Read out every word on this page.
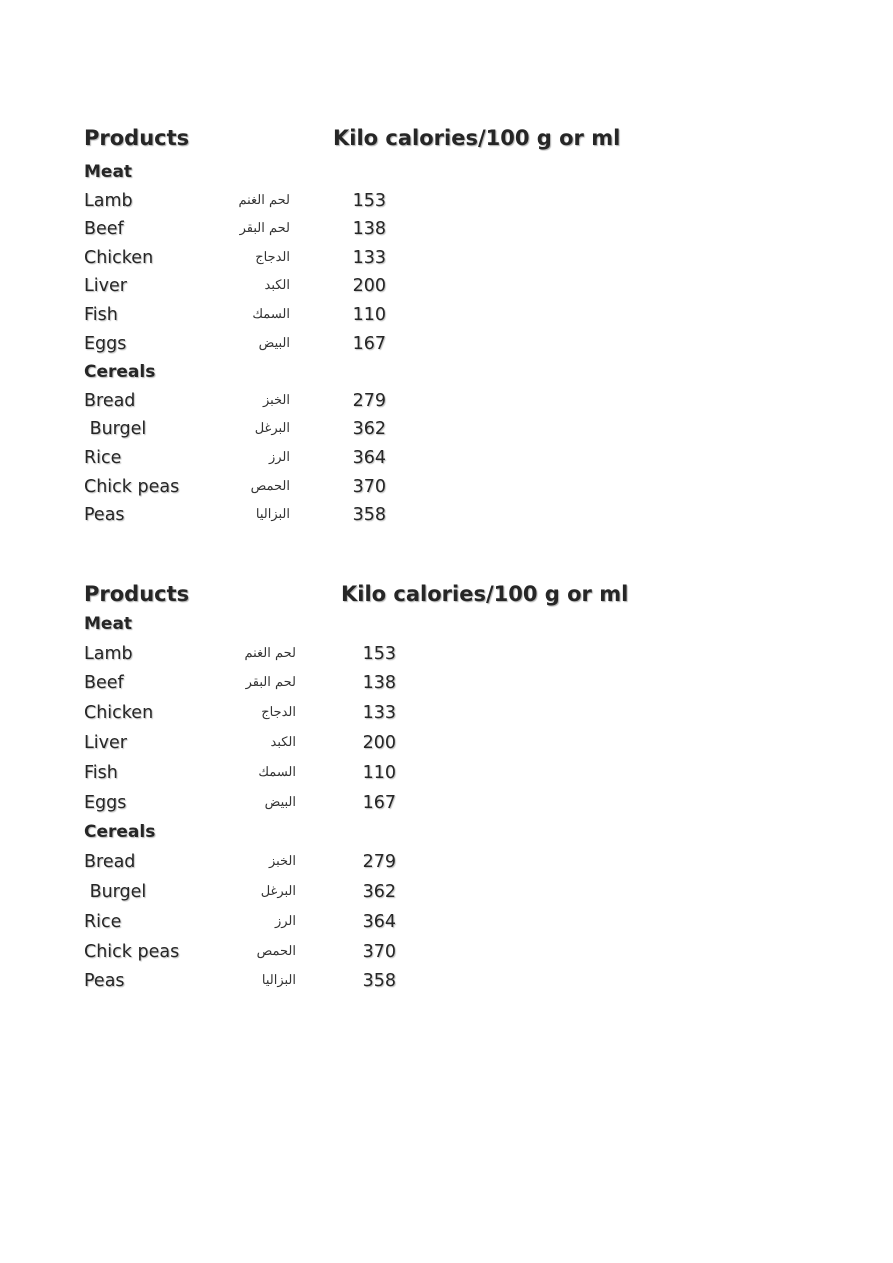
Products	Kilo calories/100 g or ml
Meat
Lamb	لحم الغنم	153
Beef	لحم البقر	138
Chicken	الدجاج	133
Liver	الكبد	200
Fish	السمك	110
Eggs	البيض	167
Cereals
Bread	الخبز	279
Burgel	البرغل	362
Rice	الرز	364
Chick peas	الحمص	370
Peas	البزاليا	358
Products	Kilo calories/100 g or ml
Meat
Lamb	لحم الغنم	153
Beef	لحم البقر	138
Chicken	الدجاج	133
Liver	الكبد	200
Fish	السمك	110
Eggs	البيض	167
Cereals
Bread	الخبز	279
Burgel	البرغل	362
Rice	الرز	364
Chick peas	الحمص	370
Peas	البزاليا	358
